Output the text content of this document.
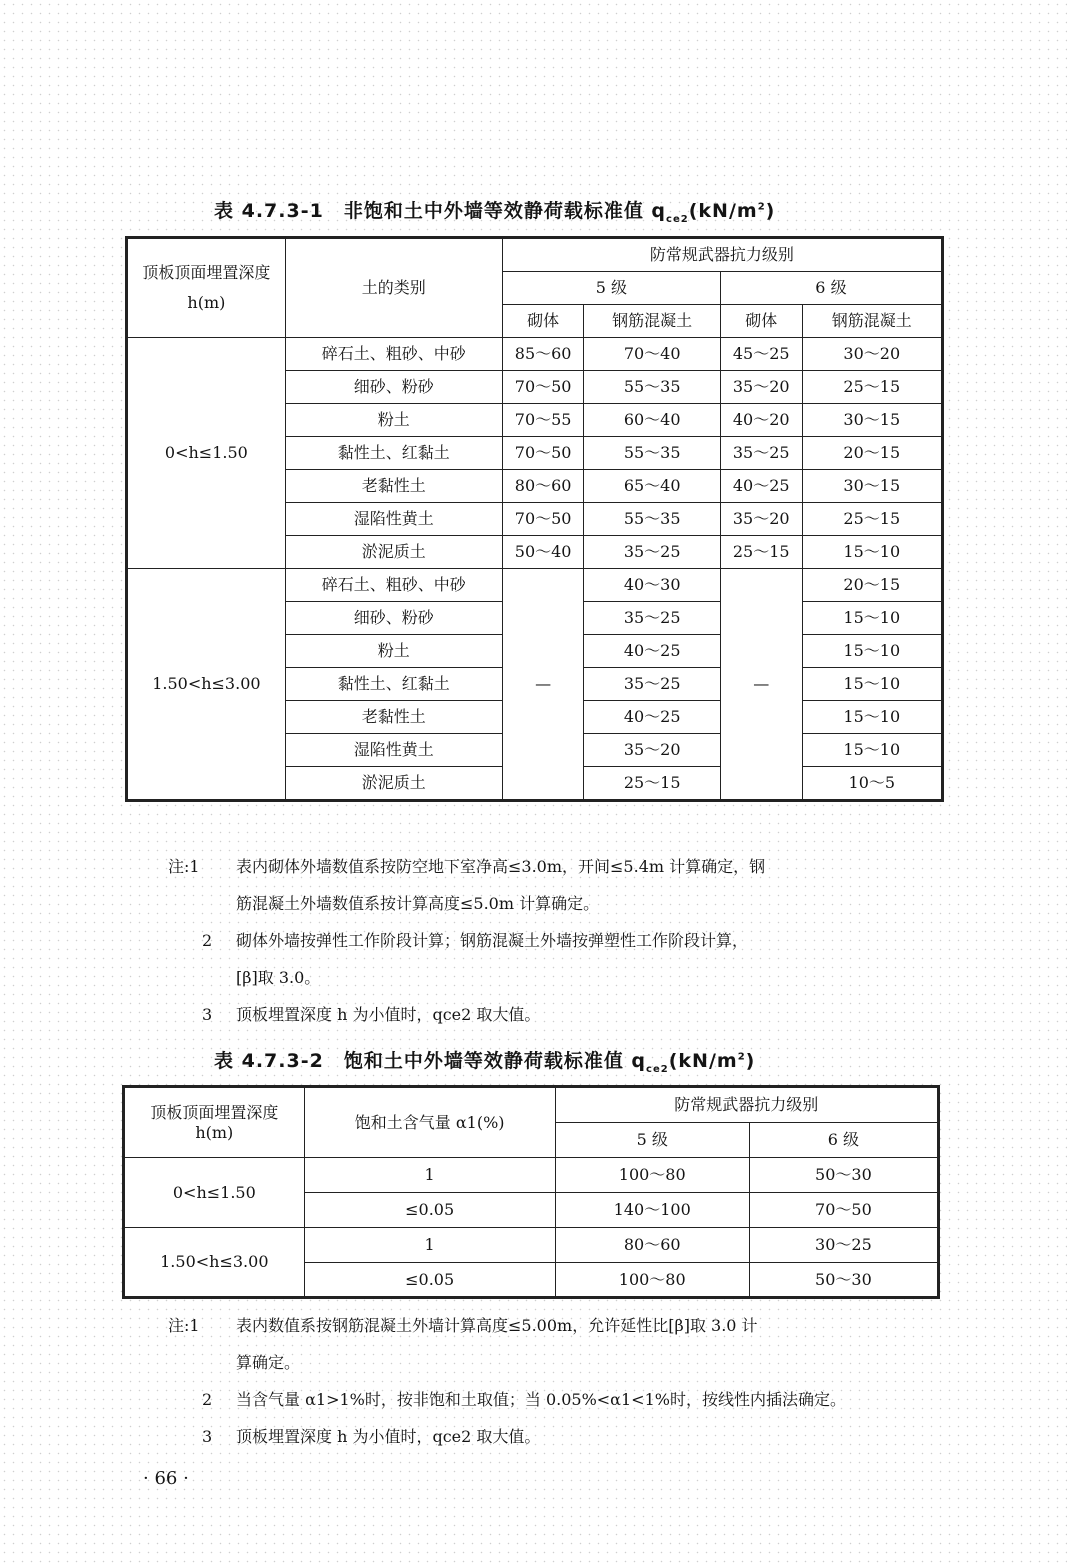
表 4.7.3-1　非饱和土中外墙等效静荷载标准值 $q_{ce2}(kN/m^2)$
顶板顶面埋置深度 h(m)	土的类别	防常规武器抗力级别			
		5 级		6 级	
		砌体	钢筋混凝土	砌体	钢筋混凝土
0<h≤1.50	碎石土、粗砂、中砂	85～60	70～40	45～25	30～20
	细砂、粉砂	70～50	55～35	35～20	25～15
	粉土	70～55	60～40	40～20	30～15
	黏性土、红黏土	70～50	55～35	35～25	20～15
	老黏性土	80～60	65～40	40～25	30～15
	湿陷性黄土	70～50	55～35	35～20	25～15
	淤泥质土	50～40	35～25	25～15	15～10
1.50<h≤3.00	碎石土、粗砂、中砂	—	40～30	—	20～15
	细砂、粉砂		35～25		15～10
	粉土		40～25		15～10
	黏性土、红黏土		35～25		15～10
	老黏性土		40～25		15～10
	湿陷性黄土		35～20		15～10
	淤泥质土		25～15		10～5
注:1 表内砌体外墙数值系按防空地下室净高≤3.0m，开间≤5.4m 计算确定，钢
筋混凝土外墙数值系按计算高度≤5.0m 计算确定。
2 砌体外墙按弹性工作阶段计算；钢筋混凝土外墙按弹塑性工作阶段计算，
[β]取 3.0。
3 顶板埋置深度 h 为小值时，qce2 取大值。
表 4.7.3-2　饱和土中外墙等效静荷载标准值 $q_{ce2}(kN/m^2)$
顶板顶面埋置深度 h(m)	饱和土含气量 α1(%)	防常规武器抗力级别	
		5 级	6 级
0<h≤1.50	1	100～80	50～30
	≤0.05	140～100	70～50
1.50<h≤3.00	1	80～60	30～25
	≤0.05	100～80	50～30
注:1 表内数值系按钢筋混凝土外墙计算高度≤5.00m，允许延性比[β]取 3.0 计
算确定。
2 当含气量 α1>1%时，按非饱和土取值；当 0.05%<α1<1%时，按线性内插法确定。
3 顶板埋置深度 h 为小值时，qce2 取大值。
· 66 ·
